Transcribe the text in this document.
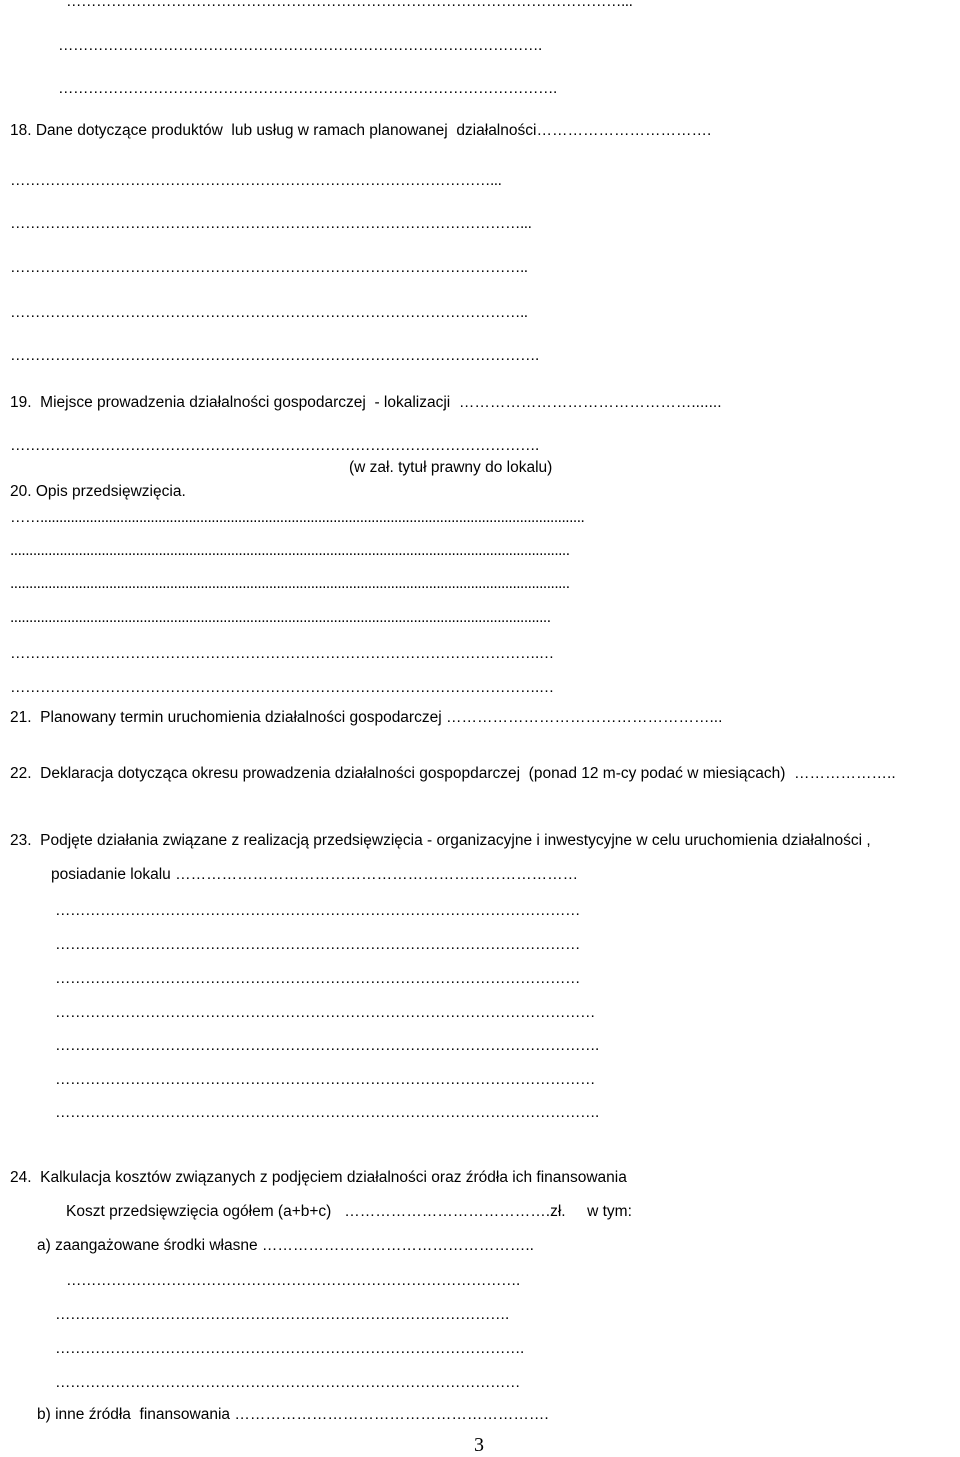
…………………………………………………………………………………………………...
…………………………………………………………………………………….
……………………………………………………………………………………….
18. Dane dotyczące produktów  lub usług w ramach planowanej  działalności…………………………….
……………………………………………………………………………………...
…………………………………………………………………………………………...
…………………………………………………………………………………………..
…………………………………………………………………………………………..
…………………………………………………………………………………………….
19.  Miejsce prowadzenia działalności gospodarczej  - lokalizacji  ……………………………………….......
…………………………………………………………………………………………….
(w zał. tytuł prawny do lokalu)
20. Opis przedsięwzięcia.
……...............................................................................................................................................
...................................................................................................................................................
...................................................................................................................................................
..............................................................................................................................................
…………………………………………………………………………………………….…
…………………………………………………………………………………………….…
21.  Planowany termin uruchomienia działalności gospodarczej ……………………………………………...
22.  Deklaracja dotycząca okresu prowadzenia działalności gospopdarczej  (ponad 12 m-cy podać w miesiącach)  ………………..
23.  Podjęte działania związane z realizacją przedsięwzięcia - organizacyjne i inwestycyjne w celu uruchomienia działalności ,
posiadanie lokalu ……………………………………………………………………
……………………………………………………………………………………………
……………………………………………………………………………………………
……………………………………………………………………………………………
………………………………………………………………………………………………
……………………………………………………………………………………………….
………………………………………………………………………………………………
……………………………………………………………………………………………….
24.  Kalkulacja kosztów związanych z podjęciem działalności oraz źródła ich finansowania
Koszt przedsięwzięcia ogółem (a+b+c)   ………………………………….zł.     w tym:
a) zaangażowane środki własne ……………………………………………..
……………………………………………………………………………….
……………………………………………………………………………….
………………………………………………………………………………….
…………………………………………………………………………………
b) inne źródła  finansowania …………………………………………………….
3
